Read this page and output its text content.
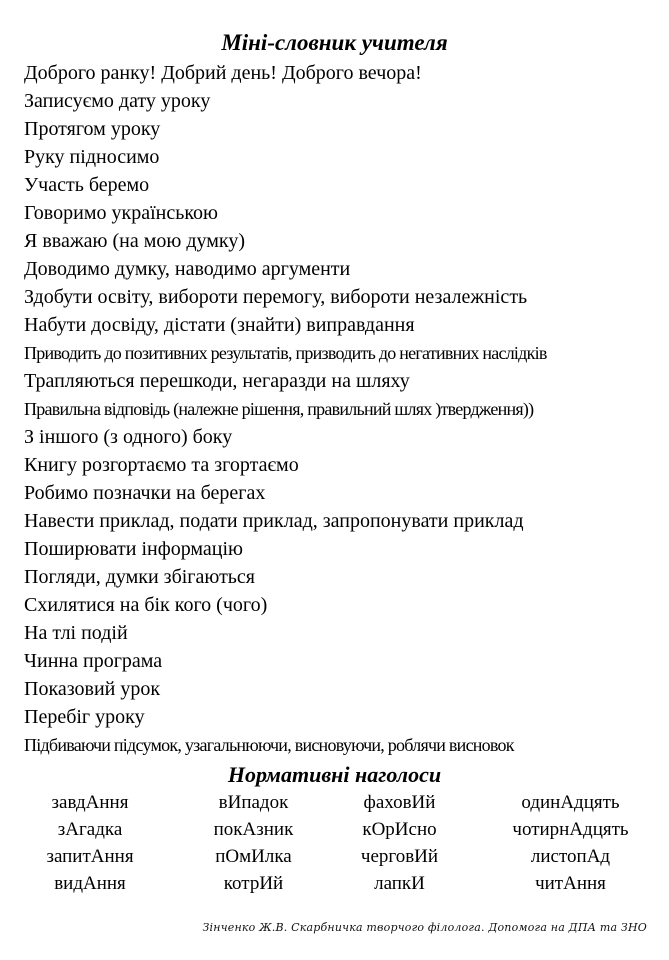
Міні-словник учителя
Доброго ранку! Добрий день! Доброго вечора!
Записуємо дату уроку
Протягом уроку
Руку підносимо
Участь беремо
Говоримо українською
Я вважаю (на мою думку)
Доводимо думку, наводимо аргументи
Здобути освіту, вибороти перемогу, вибороти незалежність
Набути досвіду, дістати (знайти) виправдання
Приводить до позитивних результатів, призводить до негативних наслідків
Трапляються перешкоди, негаразди на шляху
Правильна відповідь (належне рішення, правильний шлях )твердження))
З іншого (з одного) боку
Книгу розгортаємо та згортаємо
Робимо позначки на берегах
Навести приклад, подати приклад, запропонувати приклад
Поширювати інформацію
Погляди, думки збігаються
Схилятися на бік кого (чого)
На тлі подій
Чинна програма
Показовий урок
Перебіг уроку
Підбиваючи підсумок, узагальнюючи, висновуючи, роблячи висновок
Нормативні наголоси
завдАння	вИпадок	фаховИй	одинАдцять
зАгадка	покАзник	кОрИсно	чотирнАдцять
запитАння	пОмИлка	черговИй	листопАд
видАння	котрИй	лапкИ	читАння
Зінченко Ж.В. Скарбничка творчого філолога. Допомога на ДПА та ЗНО
